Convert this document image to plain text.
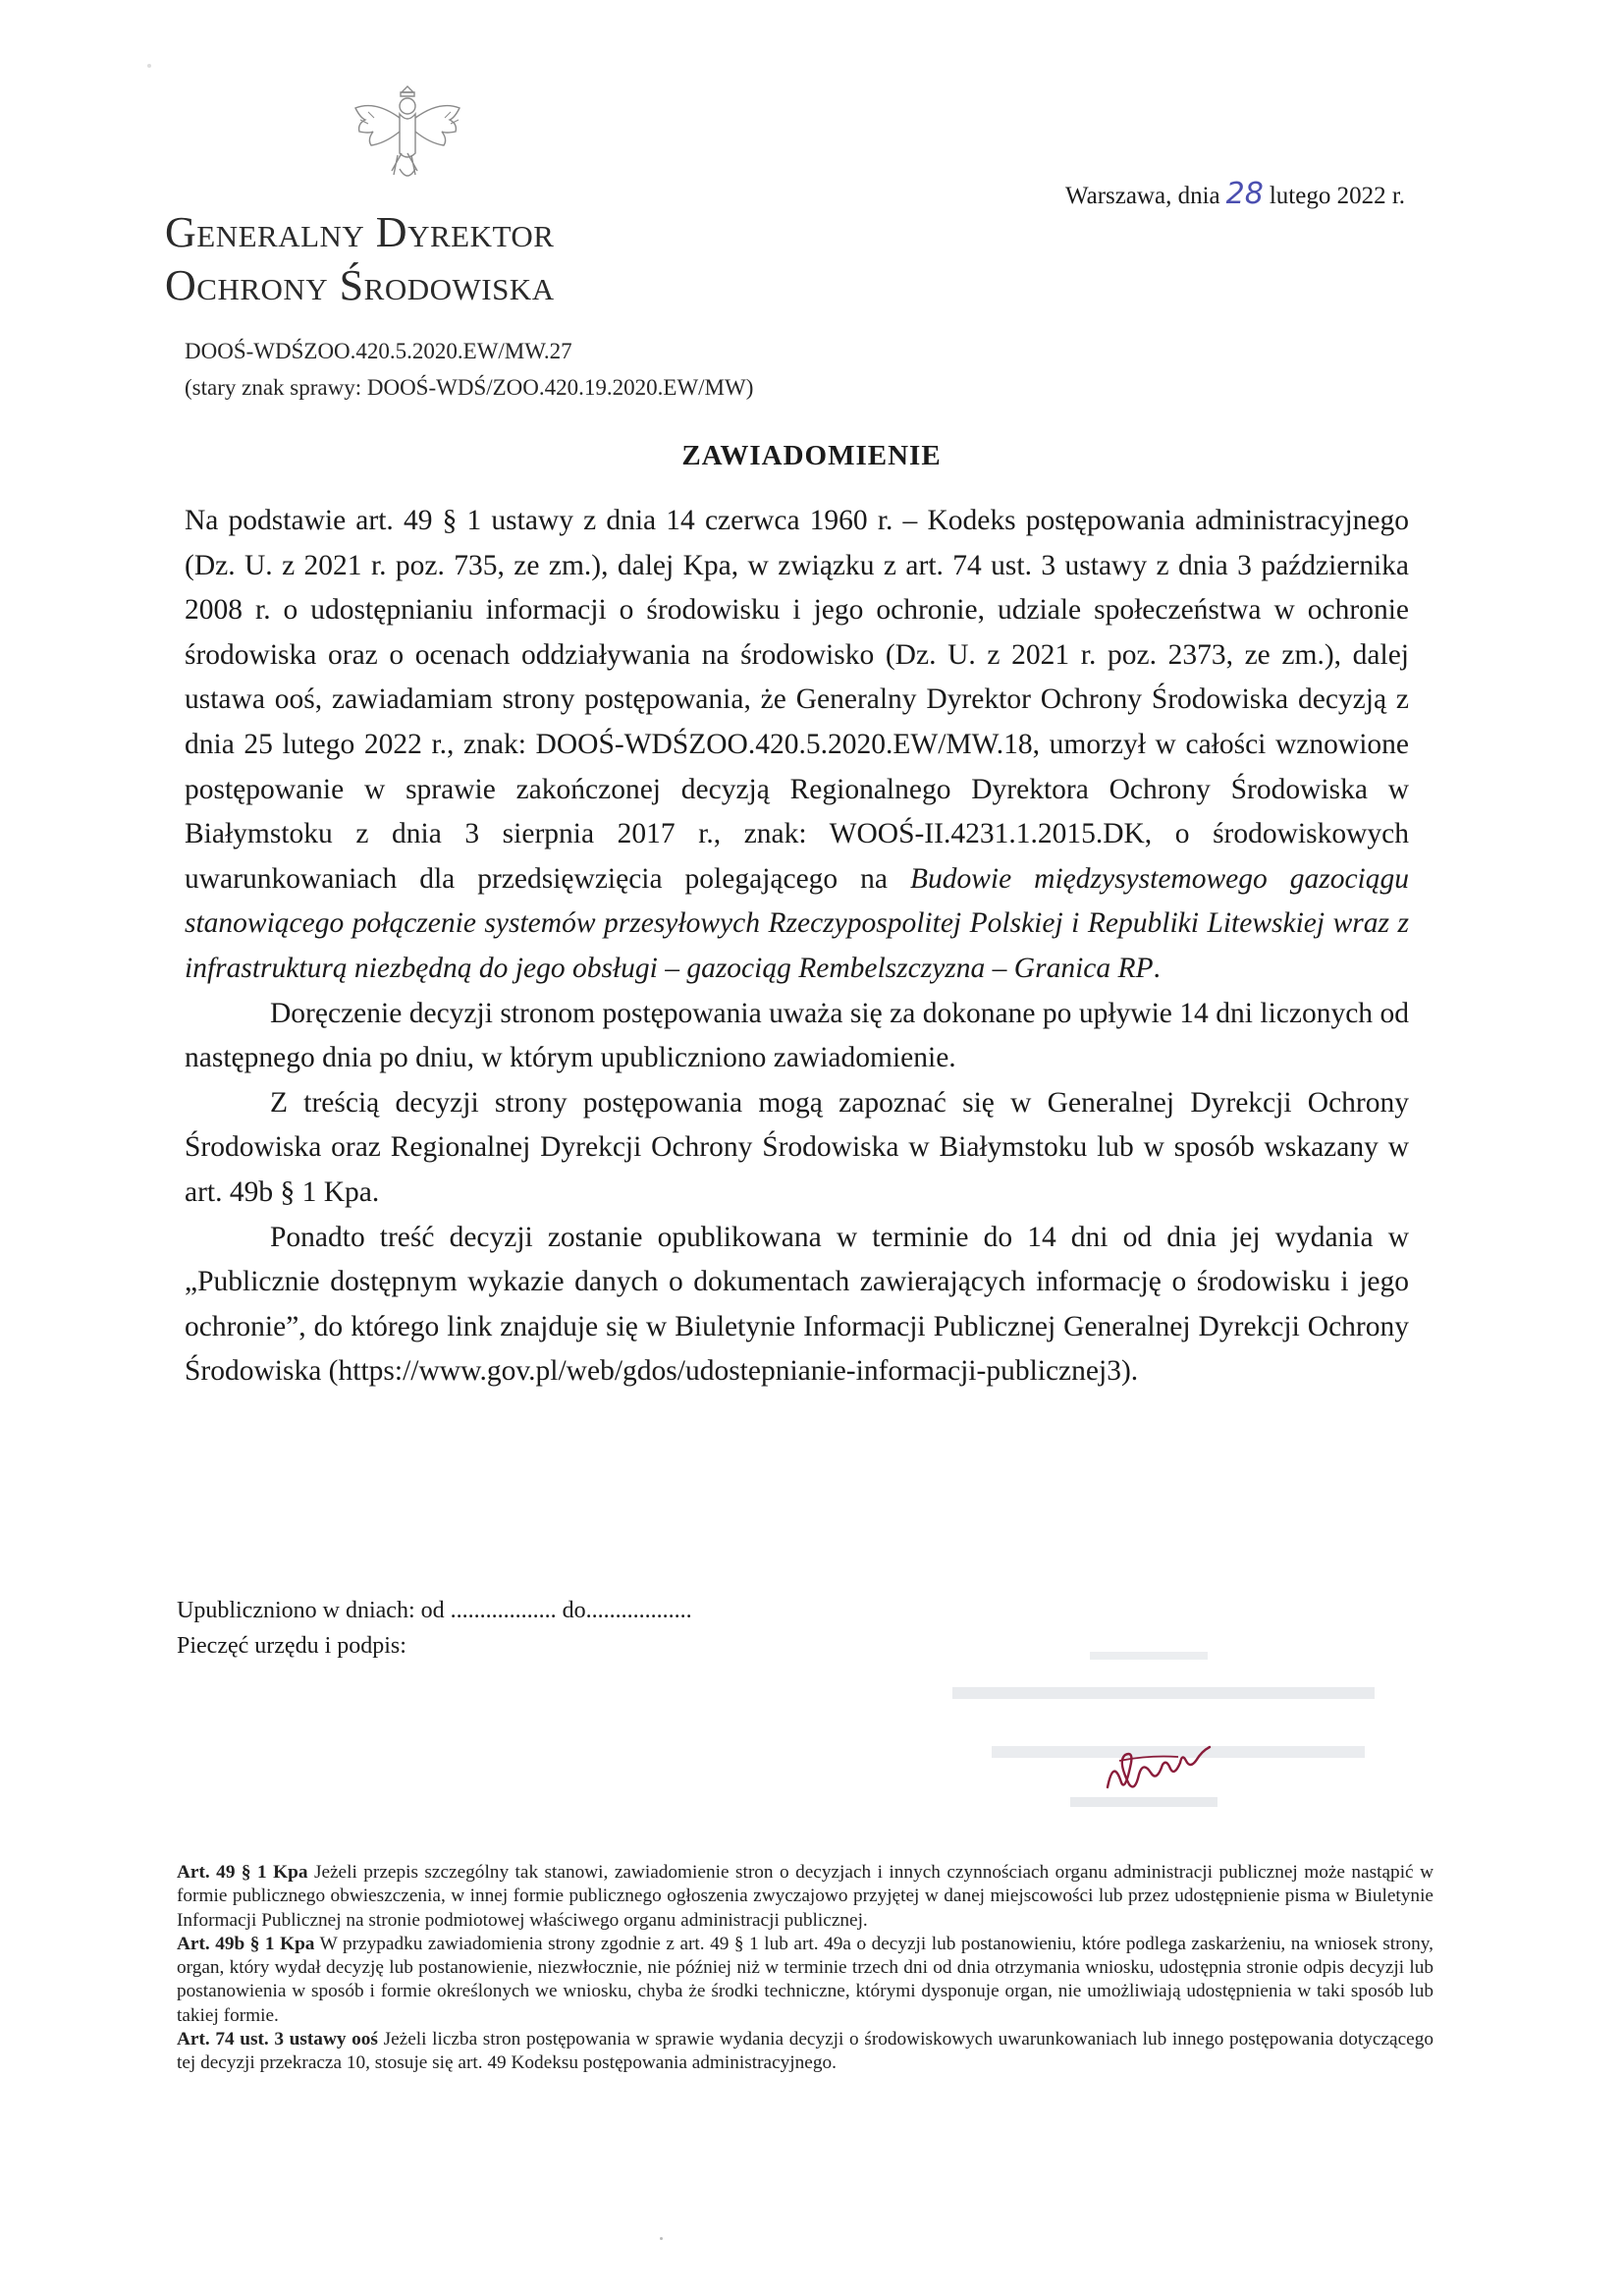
Generalny Dyrektor
Ochrony Środowiska
Warszawa, dnia 28 lutego 2022 r.
DOOŚ-WDŚZOO.420.5.2020.EW/MW.27
(stary znak sprawy: DOOŚ-WDŚ/ZOO.420.19.2020.EW/MW)
ZAWIADOMIENIE

Na podstawie art. 49 § 1 ustawy z dnia 14 czerwca 1960 r. – Kodeks postępowania administracyjnego (Dz. U. z 2021 r. poz. 735, ze zm.), dalej Kpa, w związku z art. 74 ust. 3 ustawy z dnia 3 października 2008 r. o udostępnianiu informacji o środowisku i jego ochronie, udziale społeczeństwa w ochronie środowiska oraz o ocenach oddziaływania na środowisko (Dz. U. z 2021 r. poz. 2373, ze zm.), dalej ustawa ooś, zawiadamiam strony postępowania, że Generalny Dyrektor Ochrony Środowiska decyzją z dnia 25 lutego 2022 r., znak: DOOŚ-WDŚZOO.420.5.2020.EW/MW.18, umorzył w całości wznowione postępowanie w sprawie zakończonej decyzją Regionalnego Dyrektora Ochrony Środowiska w Białymstoku z dnia 3 sierpnia 2017 r., znak: WOOŚ-II.4231.1.2015.DK, o środowiskowych uwarunkowaniach dla przedsięwzięcia polegającego na Budowie międzysystemowego gazociągu stanowiącego połączenie systemów przesyłowych Rzeczypospolitej Polskiej i Republiki Litewskiej wraz z infrastrukturą niezbędną do jego obsługi – gazociąg Rembelszczyzna – Granica RP.

Doręczenie decyzji stronom postępowania uważa się za dokonane po upływie 14 dni liczonych od następnego dnia po dniu, w którym upubliczniono zawiadomienie.

Z treścią decyzji strony postępowania mogą zapoznać się w Generalnej Dyrekcji Ochrony Środowiska oraz Regionalnej Dyrekcji Ochrony Środowiska w Białymstoku lub w sposób wskazany w art. 49b § 1 Kpa.

Ponadto treść decyzji zostanie opublikowana w terminie do 14 dni od dnia jej wydania w „Publicznie dostępnym wykazie danych o dokumentach zawierających informację o środowisku i jego ochronie”, do którego link znajduje się w Biuletynie Informacji Publicznej Generalnej Dyrekcji Ochrony Środowiska (https://www.gov.pl/web/gdos/udostepnianie-informacji-publicznej3).

Upubliczniono w dniach: od .................. do..................
Pieczęć urzędu i podpis:

Art. 49 § 1 Kpa Jeżeli przepis szczególny tak stanowi, zawiadomienie stron o decyzjach i innych czynnościach organu administracji publicznej może nastąpić w formie publicznego obwieszczenia, w innej formie publicznego ogłoszenia zwyczajowo przyjętej w danej miejscowości lub przez udostępnienie pisma w Biuletynie Informacji Publicznej na stronie podmiotowej właściwego organu administracji publicznej.

Art. 49b § 1 Kpa W przypadku zawiadomienia strony zgodnie z art. 49 § 1 lub art. 49a o decyzji lub postanowieniu, które podlega zaskarżeniu, na wniosek strony, organ, który wydał decyzję lub postanowienie, niezwłocznie, nie później niż w terminie trzech dni od dnia otrzymania wniosku, udostępnia stronie odpis decyzji lub postanowienia w sposób i formie określonych we wniosku, chyba że środki techniczne, którymi dysponuje organ, nie umożliwiają udostępnienia w taki sposób lub takiej formie.

Art. 74 ust. 3 ustawy ooś Jeżeli liczba stron postępowania w sprawie wydania decyzji o środowiskowych uwarunkowaniach lub innego postępowania dotyczącego tej decyzji przekracza 10, stosuje się art. 49 Kodeksu postępowania administracyjnego.
